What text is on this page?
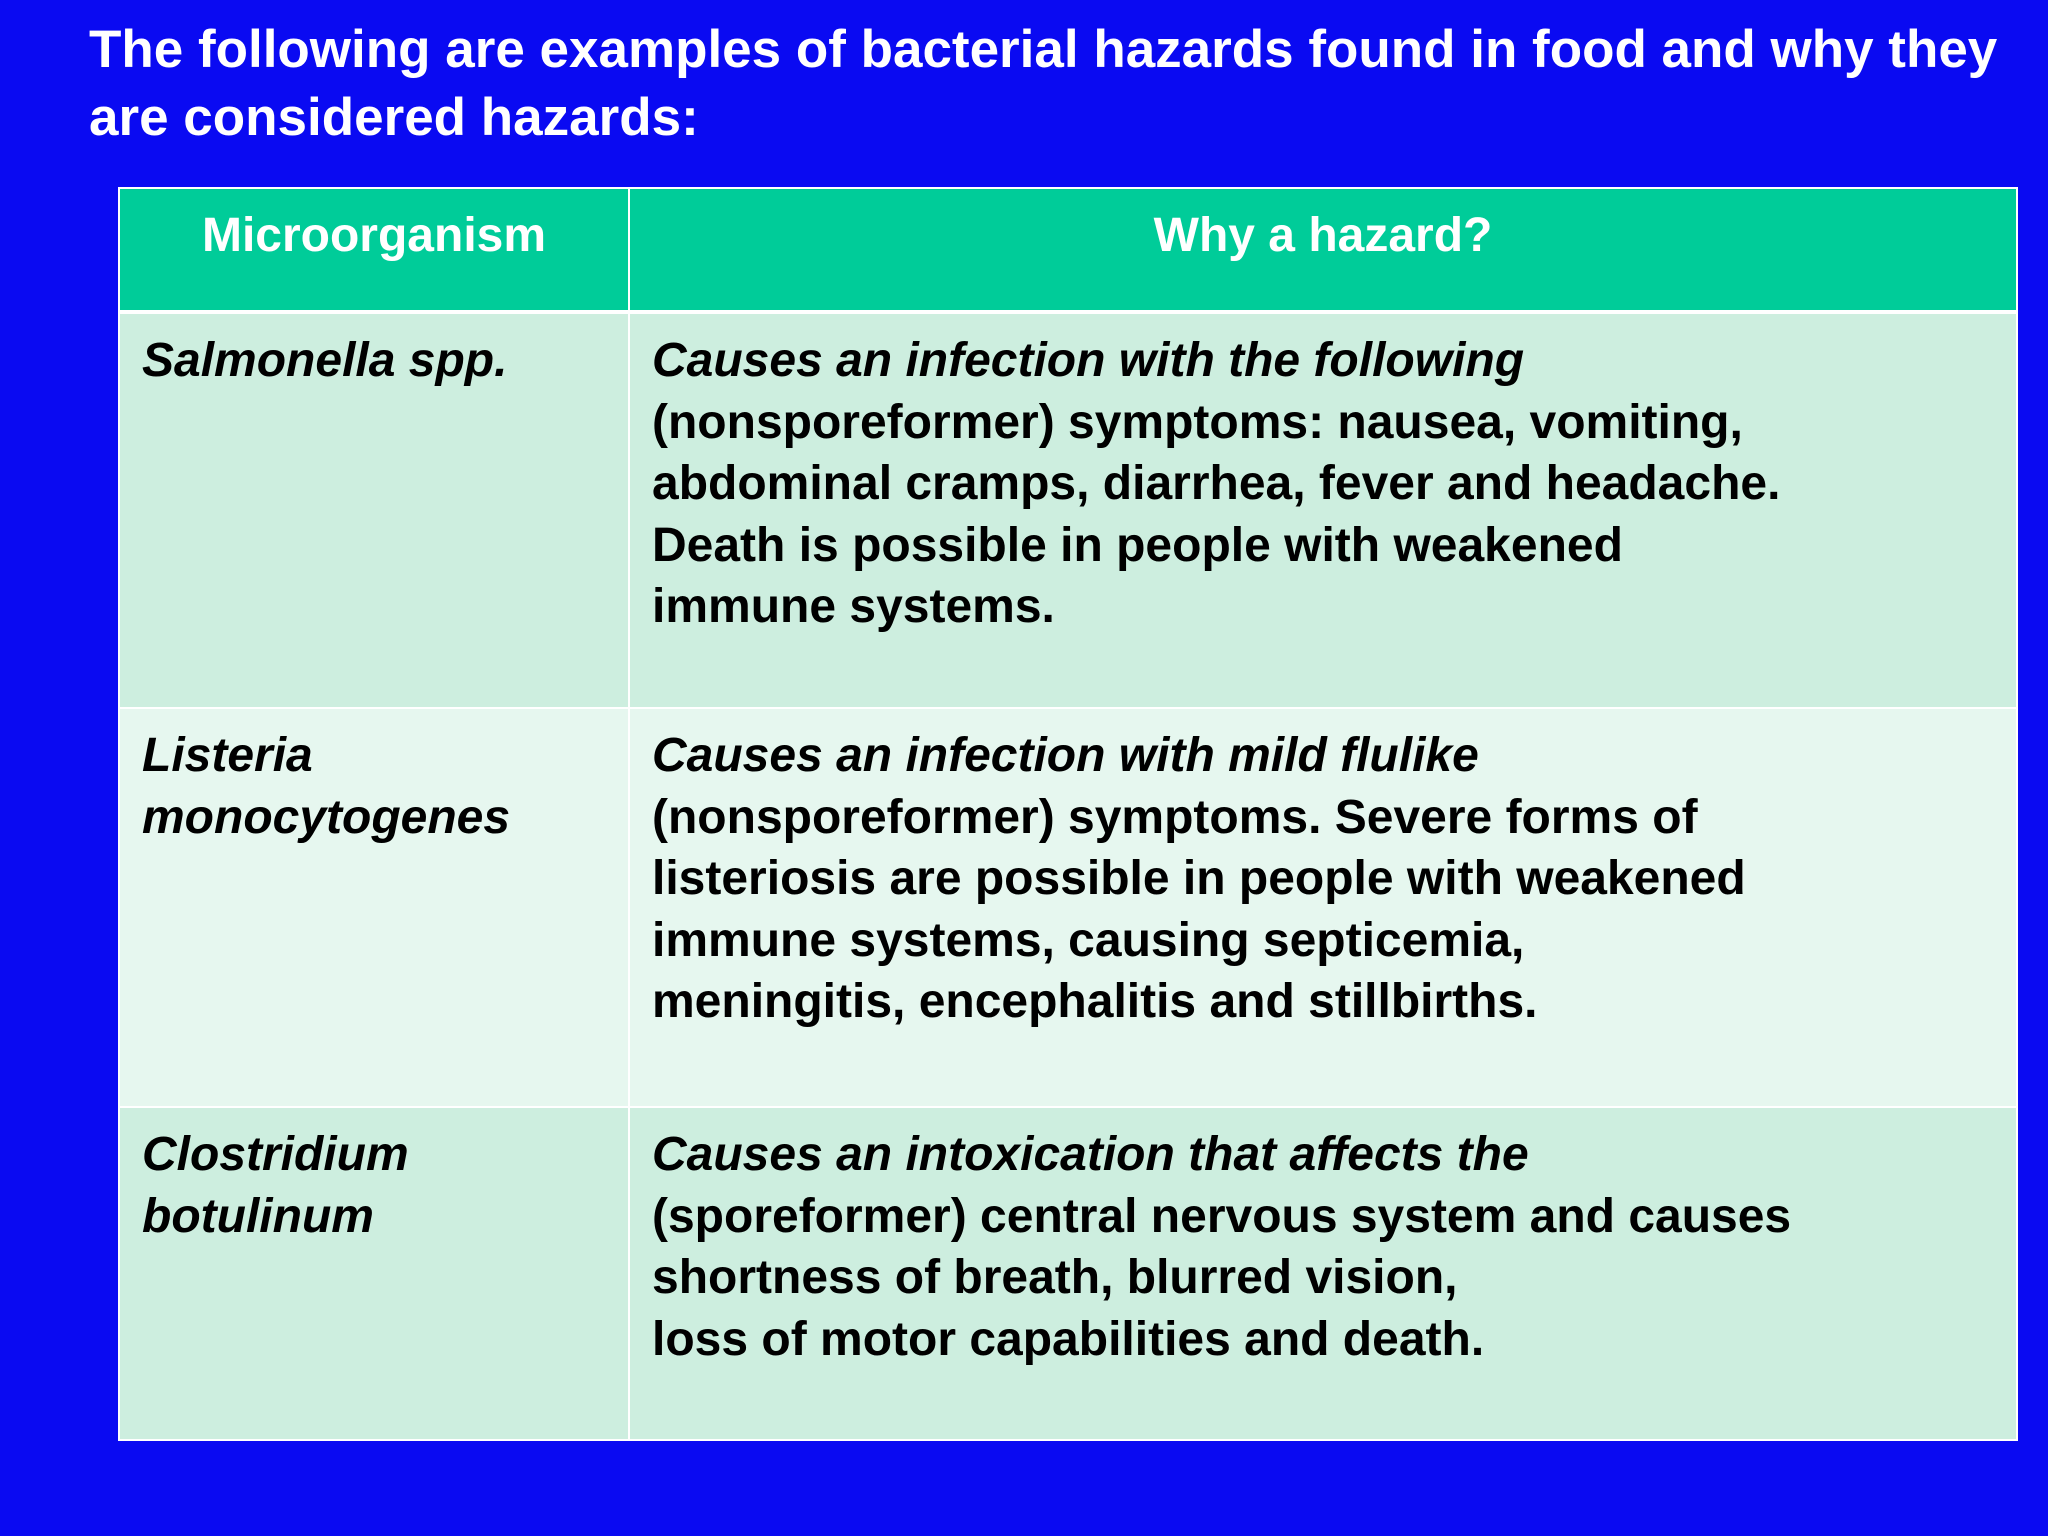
The following are examples of bacterial hazards found in food and why they are considered hazards:
Microorganism	Why a hazard?

Salmonella spp.	Causes an infection with the following
(nonsporeformer) symptoms: nausea, vomiting,
abdominal cramps, diarrhea, fever and headache.
Death is possible in people with weakened
immune systems.

Listeria
monocytogenes	Causes an infection with mild flulike
(nonsporeformer) symptoms. Severe forms of
listeriosis are possible in people with weakened
immune systems, causing septicemia,
meningitis, encephalitis and stillbirths.

Clostridium
botulinum	Causes an intoxication that affects the
(sporeformer) central nervous system and causes
shortness of breath, blurred vision,
loss of motor capabilities and death.
